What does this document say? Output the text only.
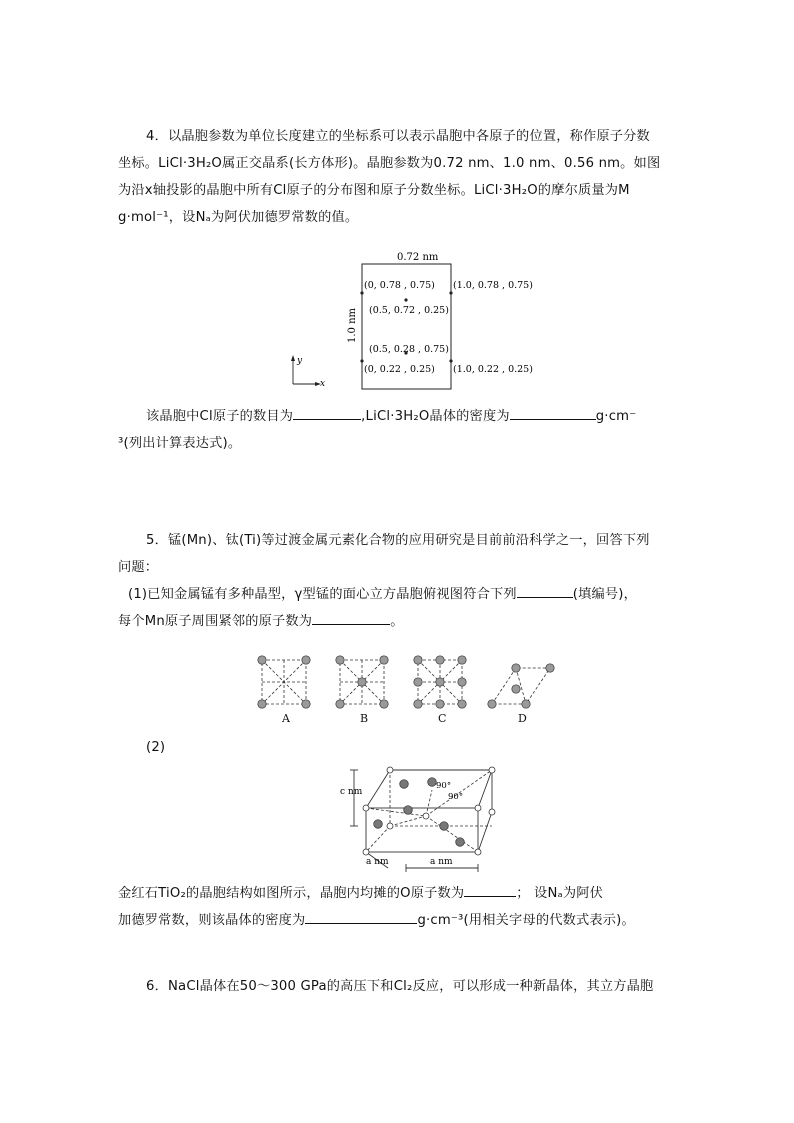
4．以晶胞参数为单位长度建立的坐标系可以表示晶胞中各原子的位置，称作原子分数
坐标。LiCl·3H₂O属正交晶系(长方体形)。晶胞参数为0.72 nm、1.0 nm、0.56 nm。如图
为沿x轴投影的晶胞中所有Cl原子的分布图和原子分数坐标。LiCl·3H₂O的摩尔质量为M
g·mol⁻¹，设Nₐ为阿伏加德罗常数的值。
0.72 nm
1.0 nm
(0, 0.78 , 0.75) (1.0, 0.78 , 0.75)
(0.5, 0.72 , 0.25)
(0.5, 0.28 , 0.75)
(0, 0.22 , 0.25) (1.0, 0.22 , 0.25)
y
x
该晶胞中Cl原子的数目为	,LiCl·3H₂O晶体的密度为	g·cm⁻
³(列出计算表达式)。
5．锰(Mn)、钛(Ti)等过渡金属元素化合物的应用研究是目前前沿科学之一，回答下列
问题：
(1)已知金属锰有多种晶型，γ型锰的面心立方晶胞俯视图符合下列	(填编号)，
每个Mn原子周围紧邻的原子数为	。
A	B	C	D
(2)
c nm
a nm	a nm
90°
90°
金红石TiO₂的晶胞结构如图所示，晶胞内均摊的O原子数为	； 设Nₐ为阿伏
加德罗常数，则该晶体的密度为	g·cm⁻³(用相关字母的代数式表示)。
6．NaCl晶体在50～300 GPa的高压下和Cl₂反应，可以形成一种新晶体，其立方晶胞
